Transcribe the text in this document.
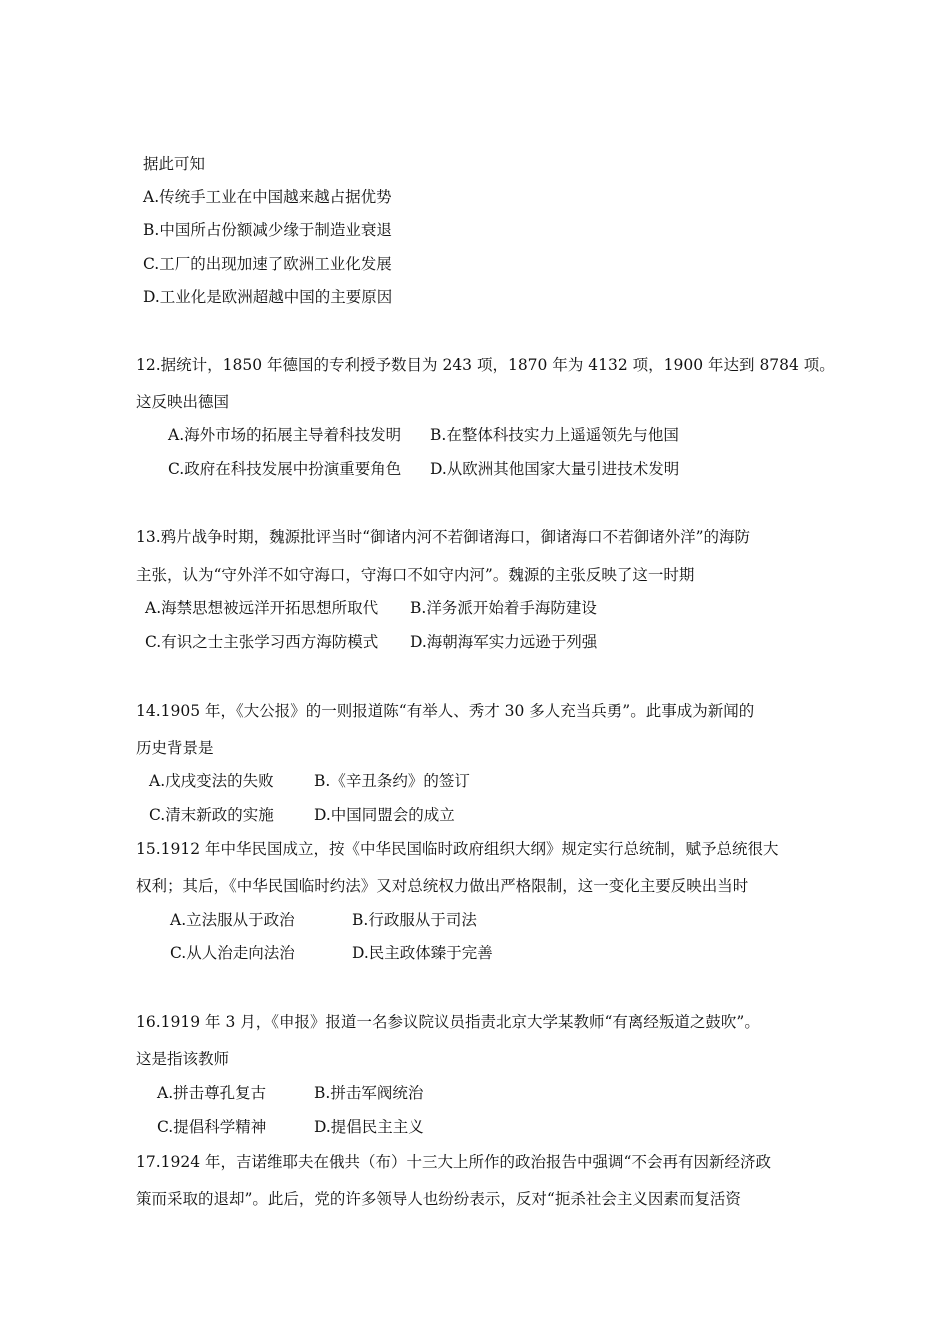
据此可知
A.传统手工业在中国越来越占据优势
B.中国所占份额减少缘于制造业衰退
C.工厂的出现加速了欧洲工业化发展
D.工业化是欧洲超越中国的主要原因
12.据统计，1850 年德国的专利授予数目为 243 项，1870 年为 4132 项，1900 年达到 8784 项。
这反映出德国
A.海外市场的拓展主导着科技发明 B.在整体科技实力上遥遥领先与他国
C.政府在科技发展中扮演重要角色 D.从欧洲其他国家大量引进技术发明
13.鸦片战争时期，魏源批评当时“御诸内河不若御诸海口，御诸海口不若御诸外洋”的海防
主张，认为“守外洋不如守海口，守海口不如守内河”。魏源的主张反映了这一时期
A.海禁思想被远洋开拓思想所取代 B.洋务派开始着手海防建设
C.有识之士主张学习西方海防模式 D.海朝海军实力远逊于列强
14.1905 年，《大公报》的一则报道陈“有举人、秀才 30 多人充当兵勇”。此事成为新闻的
历史背景是
A.戊戌变法的失败	B.《辛丑条约》的签订
C.清末新政的实施	D.中国同盟会的成立
15.1912 年中华民国成立，按《中华民国临时政府组织大纲》规定实行总统制，赋予总统很大
权利；其后，《中华民国临时约法》又对总统权力做出严格限制，这一变化主要反映出当时
A.立法服从于政治	B.行政服从于司法
C.从人治走向法治	D.民主政体臻于完善
16.1919 年 3 月，《申报》报道一名参议院议员指责北京大学某教师“有离经叛道之鼓吹”。
这是指该教师
A.拼击尊孔复古	B.拼击军阀统治
C.提倡科学精神	D.提倡民主主义
17.1924 年，吉诺维耶夫在俄共（布）十三大上所作的政治报告中强调“不会再有因新经济政
策而采取的退却”。此后，党的许多领导人也纷纷表示，反对“扼杀社会主义因素而复活资
